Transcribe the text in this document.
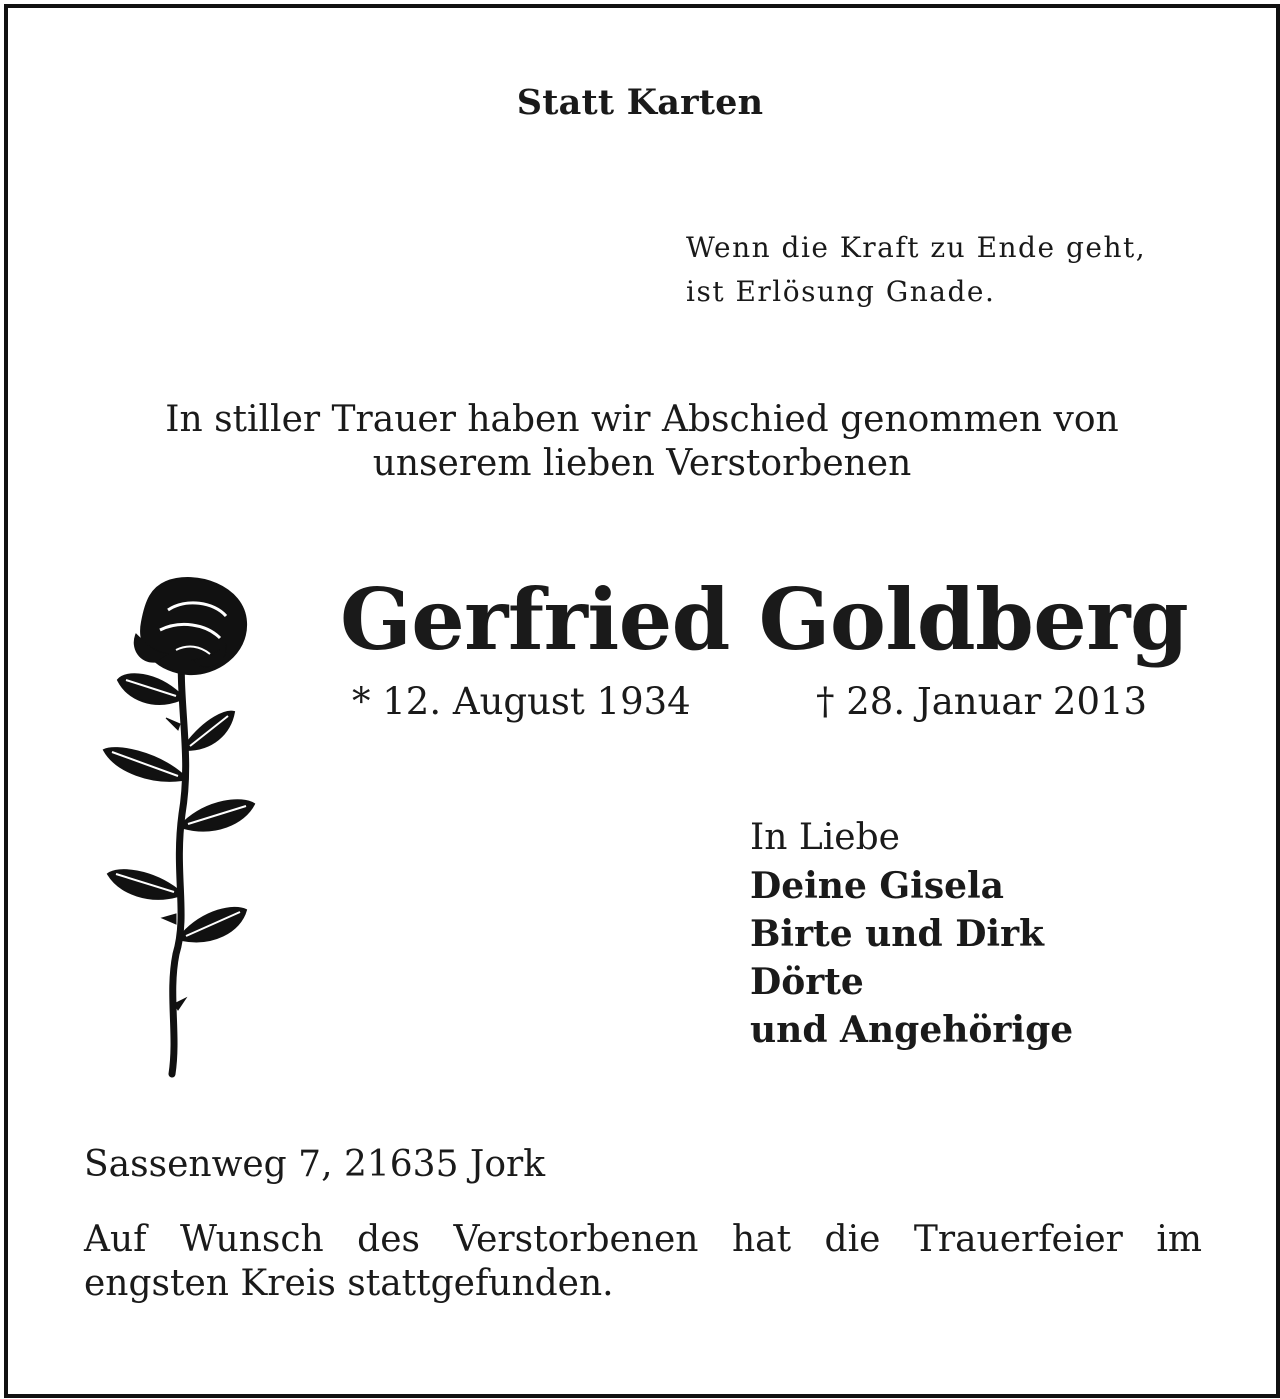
Statt Karten
Wenn die Kraft zu Ende geht,
ist Erlösung Gnade.
In stiller Trauer haben wir Abschied genommen von
unserem lieben Verstorbenen
Gerfried Goldberg
* 12. August 1934	† 28. Januar 2013
In Liebe
Deine Gisela
Birte und Dirk
Dörte
und Angehörige
Sassenweg 7, 21635 Jork
Auf Wunsch des Verstorbenen hat die Trauerfeier im engsten Kreis stattgefunden.
